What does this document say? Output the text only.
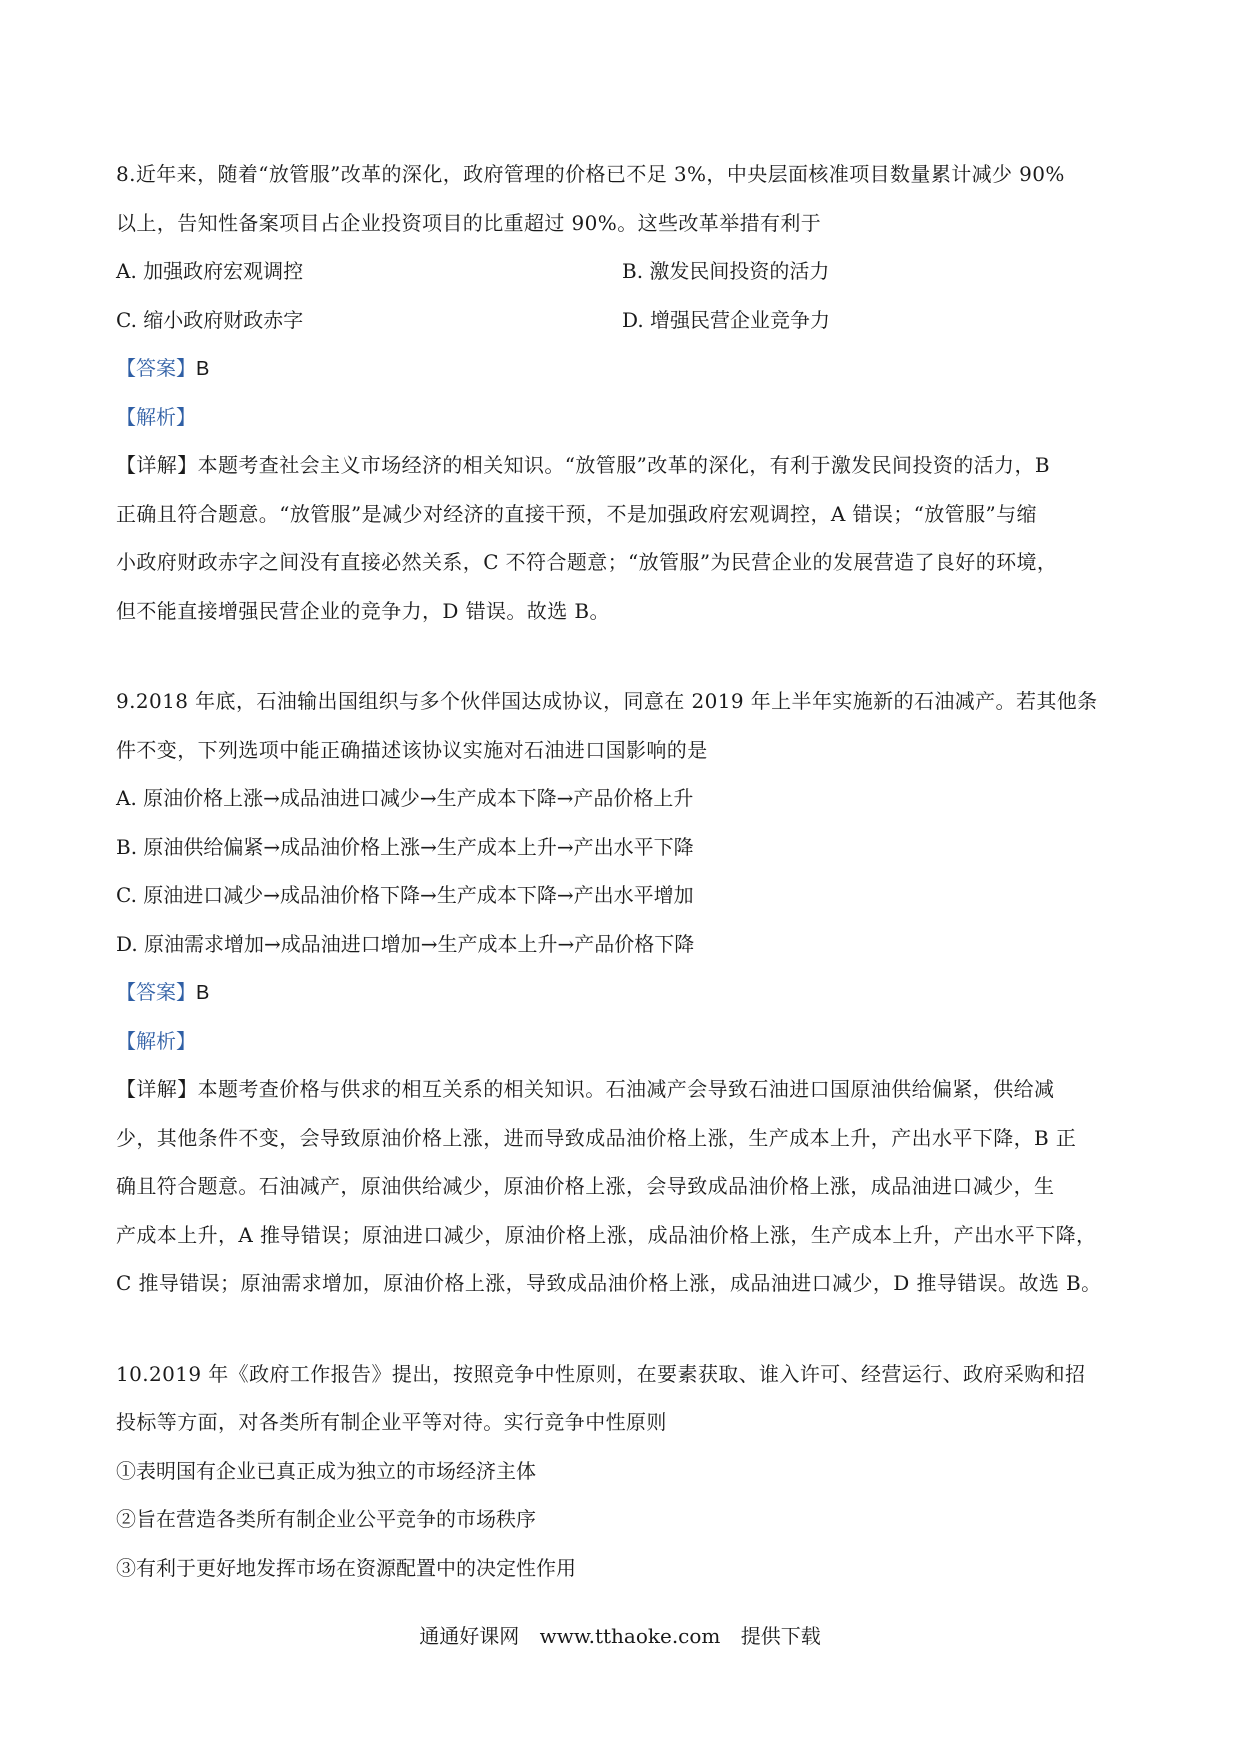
8.近年来，随着“放管服”改革的深化，政府管理的价格已不足 3%，中央层面核准项目数量累计减少 90%
以上，告知性备案项目占企业投资项目的比重超过 90%。这些改革举措有利于
A. 加强政府宏观调控	B. 激发民间投资的活力
C. 缩小政府财政赤字	D. 增强民营企业竞争力
【答案】B
【解析】
【详解】本题考查社会主义市场经济的相关知识。“放管服”改革的深化，有利于激发民间投资的活力，B
正确且符合题意。“放管服”是减少对经济的直接干预，不是加强政府宏观调控，A 错误；“放管服”与缩
小政府财政赤字之间没有直接必然关系，C 不符合题意；“放管服”为民营企业的发展营造了良好的环境，
但不能直接增强民营企业的竞争力，D 错误。故选 B。
9.2018 年底，石油输出国组织与多个伙伴国达成协议，同意在 2019 年上半年实施新的石油减产。若其他条
件不变，下列选项中能正确描述该协议实施对石油进口国影响的是
A. 原油价格上涨→成品油进口减少→生产成本下降→产品价格上升
B. 原油供给偏紧→成品油价格上涨→生产成本上升→产出水平下降
C. 原油进口减少→成品油价格下降→生产成本下降→产出水平增加
D. 原油需求增加→成品油进口增加→生产成本上升→产品价格下降
【答案】B
【解析】
【详解】本题考查价格与供求的相互关系的相关知识。石油减产会导致石油进口国原油供给偏紧，供给减
少，其他条件不变，会导致原油价格上涨，进而导致成品油价格上涨，生产成本上升，产出水平下降，B 正
确且符合题意。石油减产，原油供给减少，原油价格上涨，会导致成品油价格上涨，成品油进口减少，生
产成本上升，A 推导错误；原油进口减少，原油价格上涨，成品油价格上涨，生产成本上升，产出水平下降，
C 推导错误；原油需求增加，原油价格上涨，导致成品油价格上涨，成品油进口减少，D 推导错误。故选 B。
10.2019 年《政府工作报告》提出，按照竞争中性原则，在要素获取、谁入许可、经营运行、政府采购和招
投标等方面，对各类所有制企业平等对待。实行竞争中性原则
①表明国有企业已真正成为独立的市场经济主体
②旨在营造各类所有制企业公平竞争的市场秩序
③有利于更好地发挥市场在资源配置中的决定性作用
通通好课网 www.tthaoke.com 提供下载
